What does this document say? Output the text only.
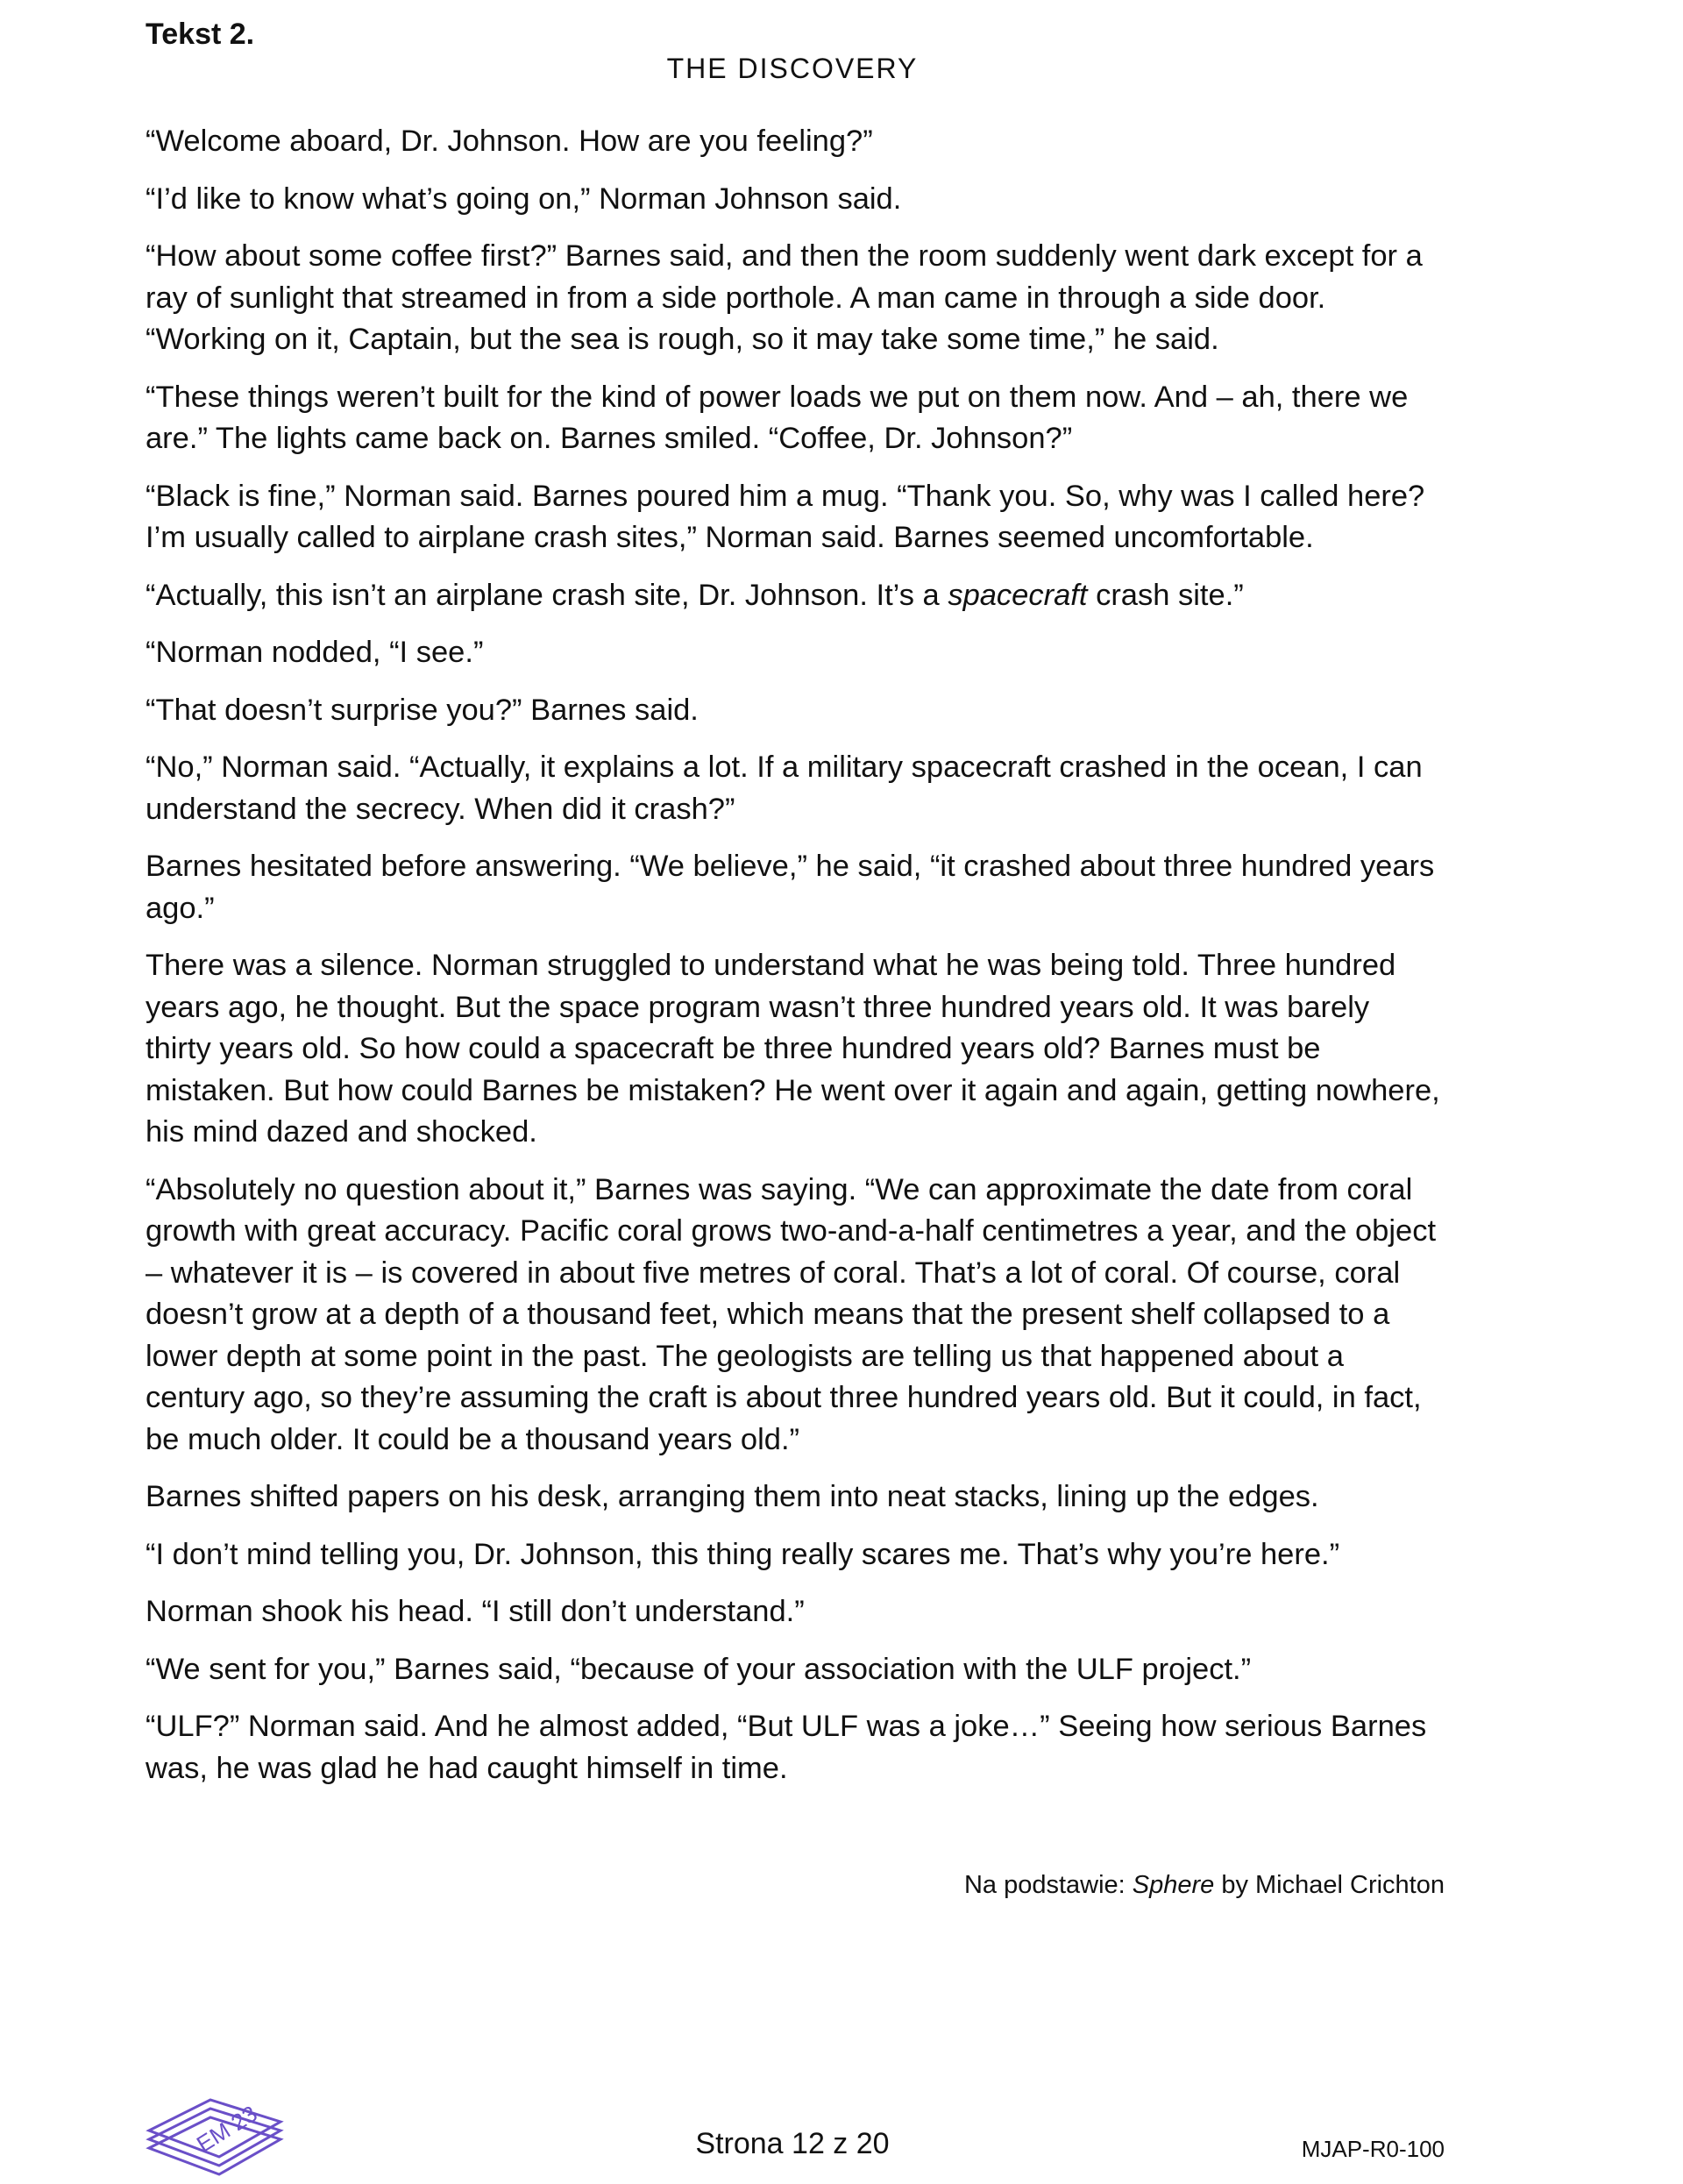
Tekst 2.
THE DISCOVERY

“Welcome aboard, Dr. Johnson. How are you feeling?”

“I’d like to know what’s going on,” Norman Johnson said.

“How about some coffee first?” Barnes said, and then the room suddenly went dark except for a ray of sunlight that streamed in from a side porthole. A man came in through a side door. “Working on it, Captain, but the sea is rough, so it may take some time,” he said.

“These things weren’t built for the kind of power loads we put on them now. And – ah, there we are.” The lights came back on. Barnes smiled. “Coffee, Dr. Johnson?”

“Black is fine,” Norman said. Barnes poured him a mug. “Thank you. So, why was I called here? I’m usually called to airplane crash sites,” Norman said. Barnes seemed uncomfortable.

“Actually, this isn’t an airplane crash site, Dr. Johnson. It’s a spacecraft crash site.”

“Norman nodded, “I see.”

“That doesn’t surprise you?” Barnes said.

“No,” Norman said. “Actually, it explains a lot. If a military spacecraft crashed in the ocean, I can understand the secrecy. When did it crash?”

Barnes hesitated before answering. “We believe,” he said, “it crashed about three hundred years ago.”

There was a silence. Norman struggled to understand what he was being told. Three hundred years ago, he thought. But the space program wasn’t three hundred years old. It was barely thirty years old. So how could a spacecraft be three hundred years old? Barnes must be mistaken. But how could Barnes be mistaken? He went over it again and again, getting nowhere, his mind dazed and shocked.

“Absolutely no question about it,” Barnes was saying. “We can approximate the date from coral growth with great accuracy. Pacific coral grows two-and-a-half centimetres a year, and the object – whatever it is – is covered in about five metres of coral. That’s a lot of coral. Of course, coral doesn’t grow at a depth of a thousand feet, which means that the present shelf collapsed to a lower depth at some point in the past. The geologists are telling us that happened about a century ago, so they’re assuming the craft is about three hundred years old. But it could, in fact, be much older. It could be a thousand years old.”

Barnes shifted papers on his desk, arranging them into neat stacks, lining up the edges.

“I don’t mind telling you, Dr. Johnson, this thing really scares me. That’s why you’re here.”

Norman shook his head. “I still don’t understand.”

“We sent for you,” Barnes said, “because of your association with the ULF project.”

“ULF?” Norman said. And he almost added, “But ULF was a joke…” Seeing how serious Barnes was, he was glad he had caught himself in time.

Na podstawie: Sphere by Michael Crichton
EM 23	Strona 12 z 20	MJAP-R0-100
